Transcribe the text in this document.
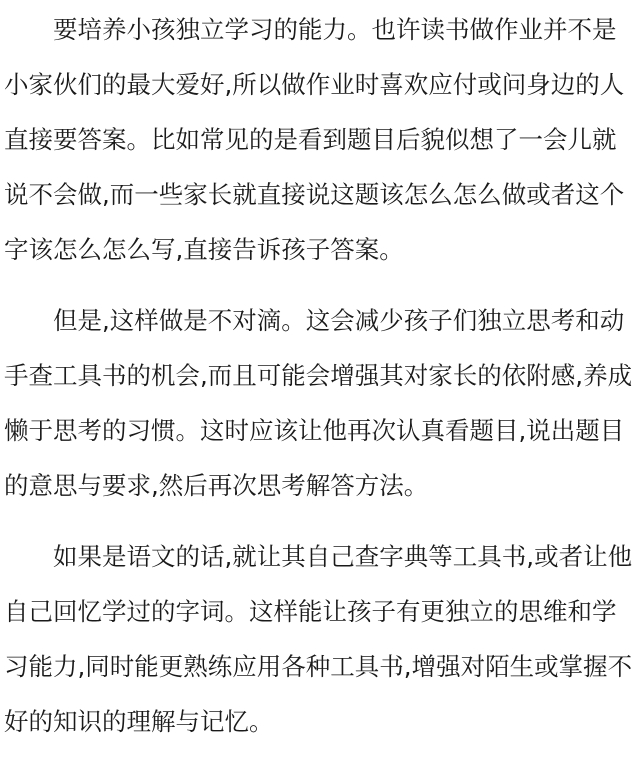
要培养小孩独立学习的能力。也许读书做作业并不是小家伙们的最大爱好,所以做作业时喜欢应付或问身边的人直接要答案。比如常见的是看到题目后貌似想了一会儿就说不会做,而一些家长就直接说这题该怎么怎么做或者这个字该怎么怎么写,直接告诉孩子答案。

但是,这样做是不对滴。这会减少孩子们独立思考和动手查工具书的机会,而且可能会增强其对家长的依附感,养成懒于思考的习惯。这时应该让他再次认真看题目,说出题目的意思与要求,然后再次思考解答方法。

如果是语文的话,就让其自己查字典等工具书,或者让他自己回忆学过的字词。这样能让孩子有更独立的思维和学习能力,同时能更熟练应用各种工具书,增强对陌生或掌握不好的知识的理解与记忆。
